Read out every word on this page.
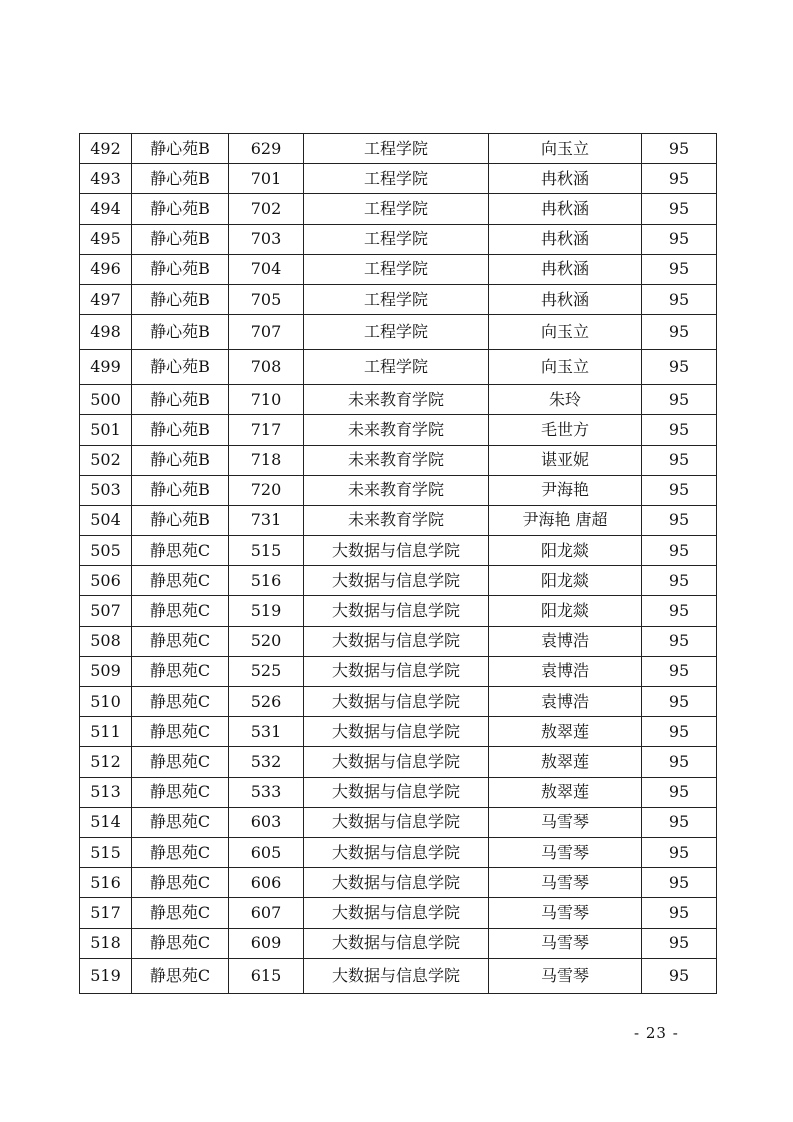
492	静心苑B	629	工程学院	向玉立	95
493	静心苑B	701	工程学院	冉秋涵	95
494	静心苑B	702	工程学院	冉秋涵	95
495	静心苑B	703	工程学院	冉秋涵	95
496	静心苑B	704	工程学院	冉秋涵	95
497	静心苑B	705	工程学院	冉秋涵	95
498	静心苑B	707	工程学院	向玉立	95
499	静心苑B	708	工程学院	向玉立	95
500	静心苑B	710	未来教育学院	朱玲	95
501	静心苑B	717	未来教育学院	毛世方	95
502	静心苑B	718	未来教育学院	谌亚妮	95
503	静心苑B	720	未来教育学院	尹海艳	95
504	静心苑B	731	未来教育学院	尹海艳 唐超	95
505	静思苑C	515	大数据与信息学院	阳龙燚	95
506	静思苑C	516	大数据与信息学院	阳龙燚	95
507	静思苑C	519	大数据与信息学院	阳龙燚	95
508	静思苑C	520	大数据与信息学院	袁博浩	95
509	静思苑C	525	大数据与信息学院	袁博浩	95
510	静思苑C	526	大数据与信息学院	袁博浩	95
511	静思苑C	531	大数据与信息学院	敖翠莲	95
512	静思苑C	532	大数据与信息学院	敖翠莲	95
513	静思苑C	533	大数据与信息学院	敖翠莲	95
514	静思苑C	603	大数据与信息学院	马雪琴	95
515	静思苑C	605	大数据与信息学院	马雪琴	95
516	静思苑C	606	大数据与信息学院	马雪琴	95
517	静思苑C	607	大数据与信息学院	马雪琴	95
518	静思苑C	609	大数据与信息学院	马雪琴	95
519	静思苑C	615	大数据与信息学院	马雪琴	95
- 23 -
